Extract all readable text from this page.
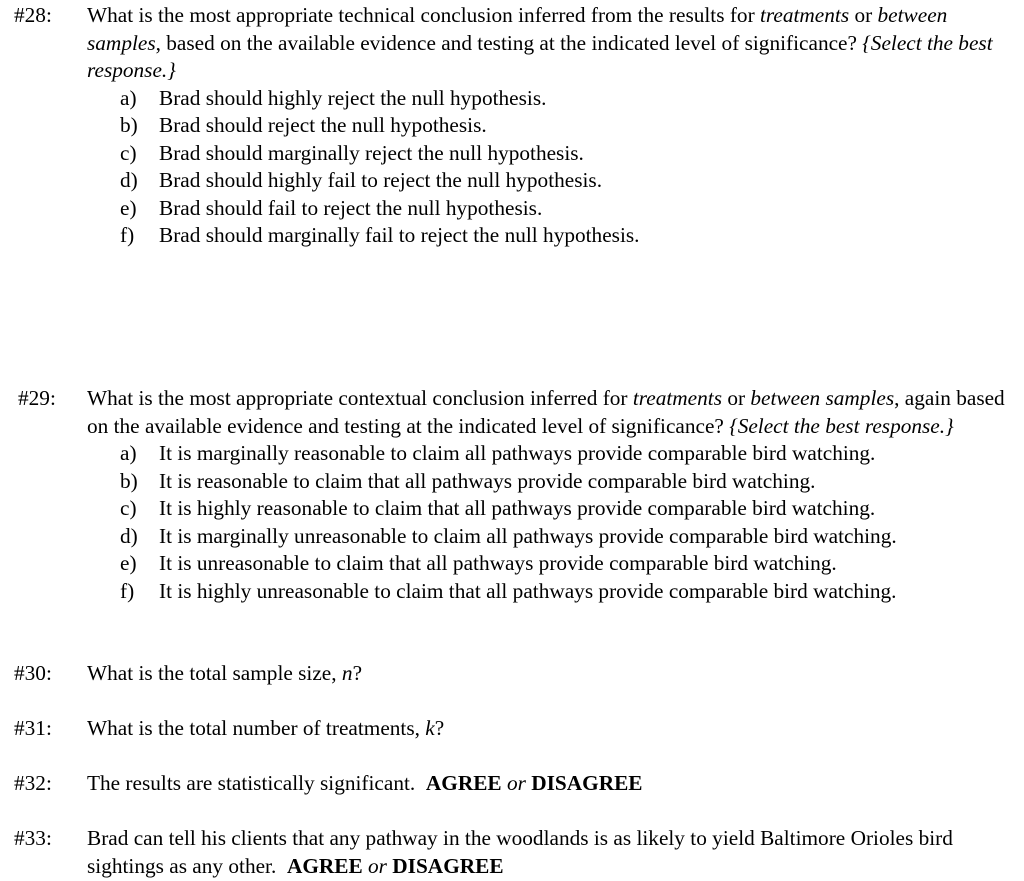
#28: What is the most appropriate technical conclusion inferred from the results for treatments or between samples, based on the available evidence and testing at the indicated level of significance? {Select the best response.}
a) Brad should highly reject the null hypothesis.
b) Brad should reject the null hypothesis.
c) Brad should marginally reject the null hypothesis.
d) Brad should highly fail to reject the null hypothesis.
e) Brad should fail to reject the null hypothesis.
f) Brad should marginally fail to reject the null hypothesis.
#29: What is the most appropriate contextual conclusion inferred for treatments or between samples, again based on the available evidence and testing at the indicated level of significance? {Select the best response.}
a) It is marginally reasonable to claim all pathways provide comparable bird watching.
b) It is reasonable to claim that all pathways provide comparable bird watching.
c) It is highly reasonable to claim that all pathways provide comparable bird watching.
d) It is marginally unreasonable to claim all pathways provide comparable bird watching.
e) It is unreasonable to claim that all pathways provide comparable bird watching.
f) It is highly unreasonable to claim that all pathways provide comparable bird watching.
#30: What is the total sample size, n?
#31: What is the total number of treatments, k?
#32: The results are statistically significant. AGREE or DISAGREE
#33: Brad can tell his clients that any pathway in the woodlands is as likely to yield Baltimore Orioles bird sightings as any other. AGREE or DISAGREE
